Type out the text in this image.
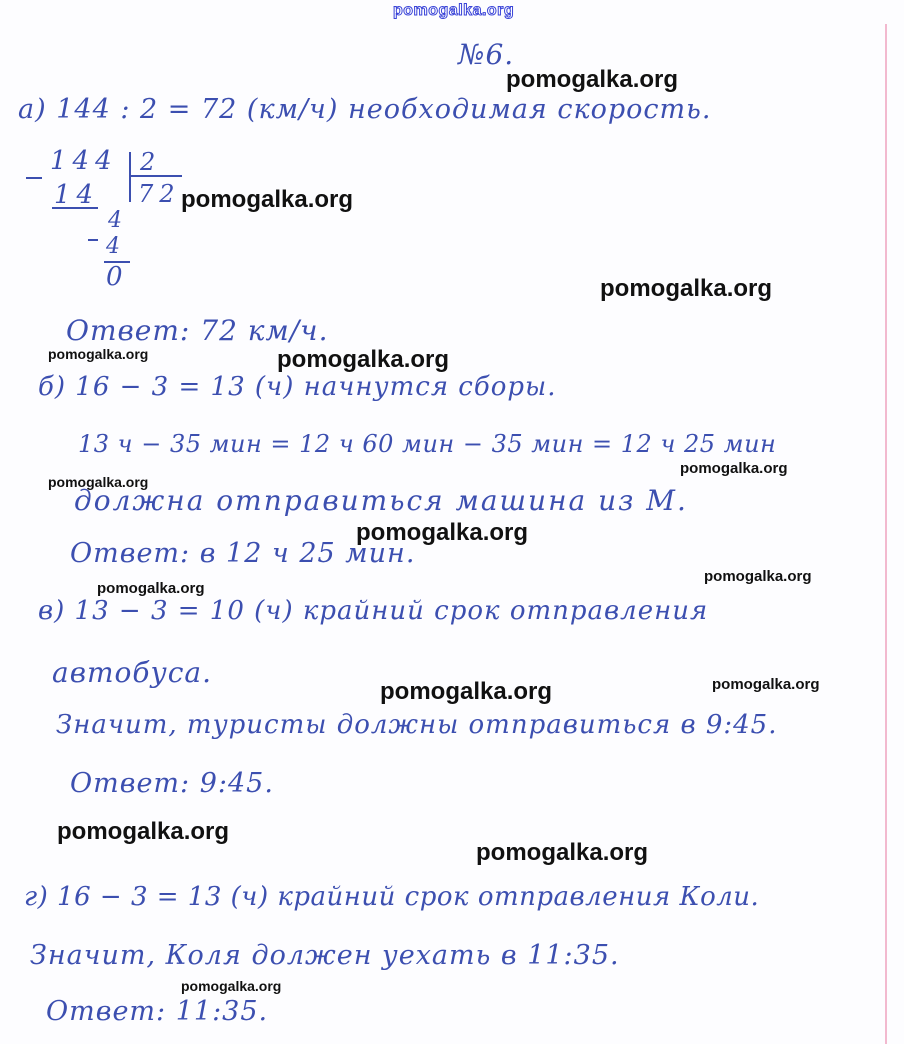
pomogalka.org
№6.
а) 144 : 2 = 72 (км/ч) необходимая скорость.
144 2
72
14
4
4
0
Ответ: 72 км/ч.
б) 16 − 3 = 13 (ч) начнутся сборы.
13 ч − 35 мин = 12 ч 60 мин − 35 мин = 12 ч 25 мин
должна отправиться машина из М.
Ответ: в 12 ч 25 мин.
в) 13 − 3 = 10 (ч) крайний срок отправления
автобуса.
Значит, туристы должны отправиться в 9:45.
Ответ: 9:45.
г) 16 − 3 = 13 (ч) крайний срок отправления Коли.
Значит, Коля должен уехать в 11:35.
Ответ: 11:35.
pomogalka.org
pomogalka.org
pomogalka.org
pomogalka.org	pomogalka.org
pomogalka.org
pomogalka.org
pomogalka.org
pomogalka.org
pomogalka.org
pomogalka.org	pomogalka.org
pomogalka.org
pomogalka.org
pomogalka.org
